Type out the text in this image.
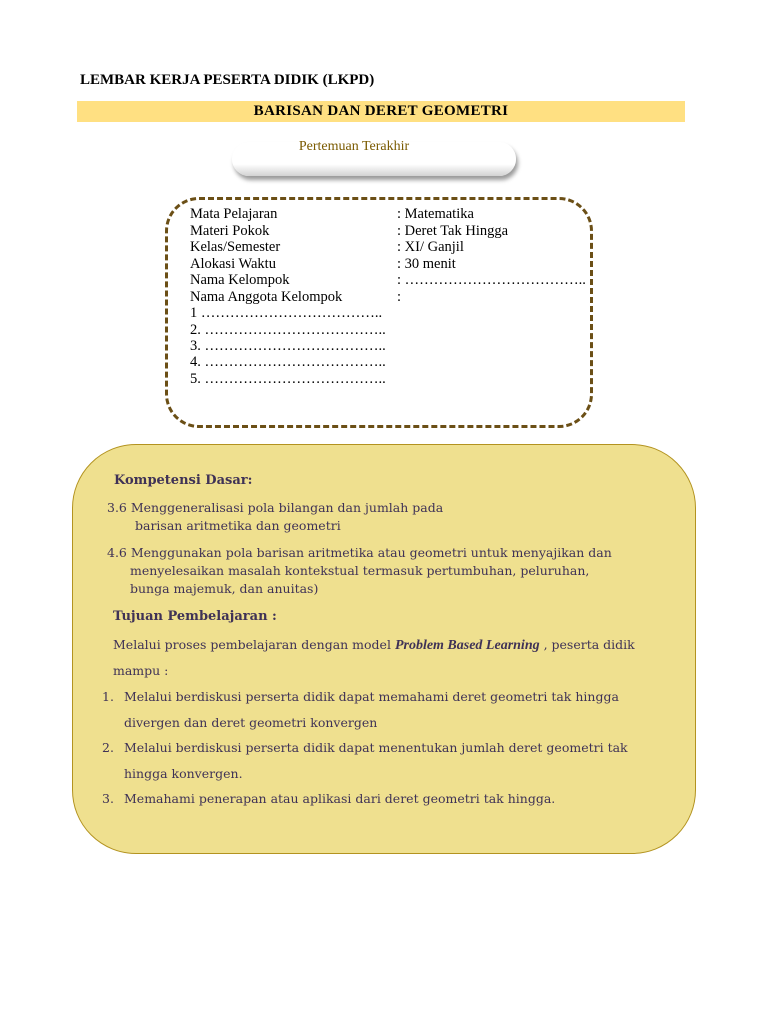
LEMBAR KERJA PESERTA DIDIK (LKPD)
BARISAN DAN DERET GEOMETRI
Pertemuan Terakhir
Mata Pelajaran	: Matematika
Materi Pokok	: Deret Tak Hingga
Kelas/Semester	: XI/ Ganjil
Alokasi Waktu	: 30 menit
Nama Kelompok	: ………………………………..
Nama Anggota Kelompok	:
1 ………………………………..
2. ………………………………..
3. ………………………………..
4. ………………………………..
5. ………………………………..
Kompetensi Dasar:
3.6 Menggeneralisasi pola bilangan dan jumlah pada
barisan aritmetika dan geometri
4.6 Menggunakan pola barisan aritmetika atau geometri untuk menyajikan dan
menyelesaikan masalah kontekstual termasuk pertumbuhan, peluruhan,
bunga majemuk, dan anuitas)
Tujuan Pembelajaran :
Melalui proses pembelajaran dengan model Problem Based Learning , peserta didik
mampu :
1. Melalui berdiskusi perserta didik dapat memahami deret geometri tak hingga
divergen dan deret geometri konvergen
2. Melalui berdiskusi perserta didik dapat menentukan jumlah deret geometri tak
hingga konvergen.
3. Memahami penerapan atau aplikasi dari deret geometri tak hingga.
